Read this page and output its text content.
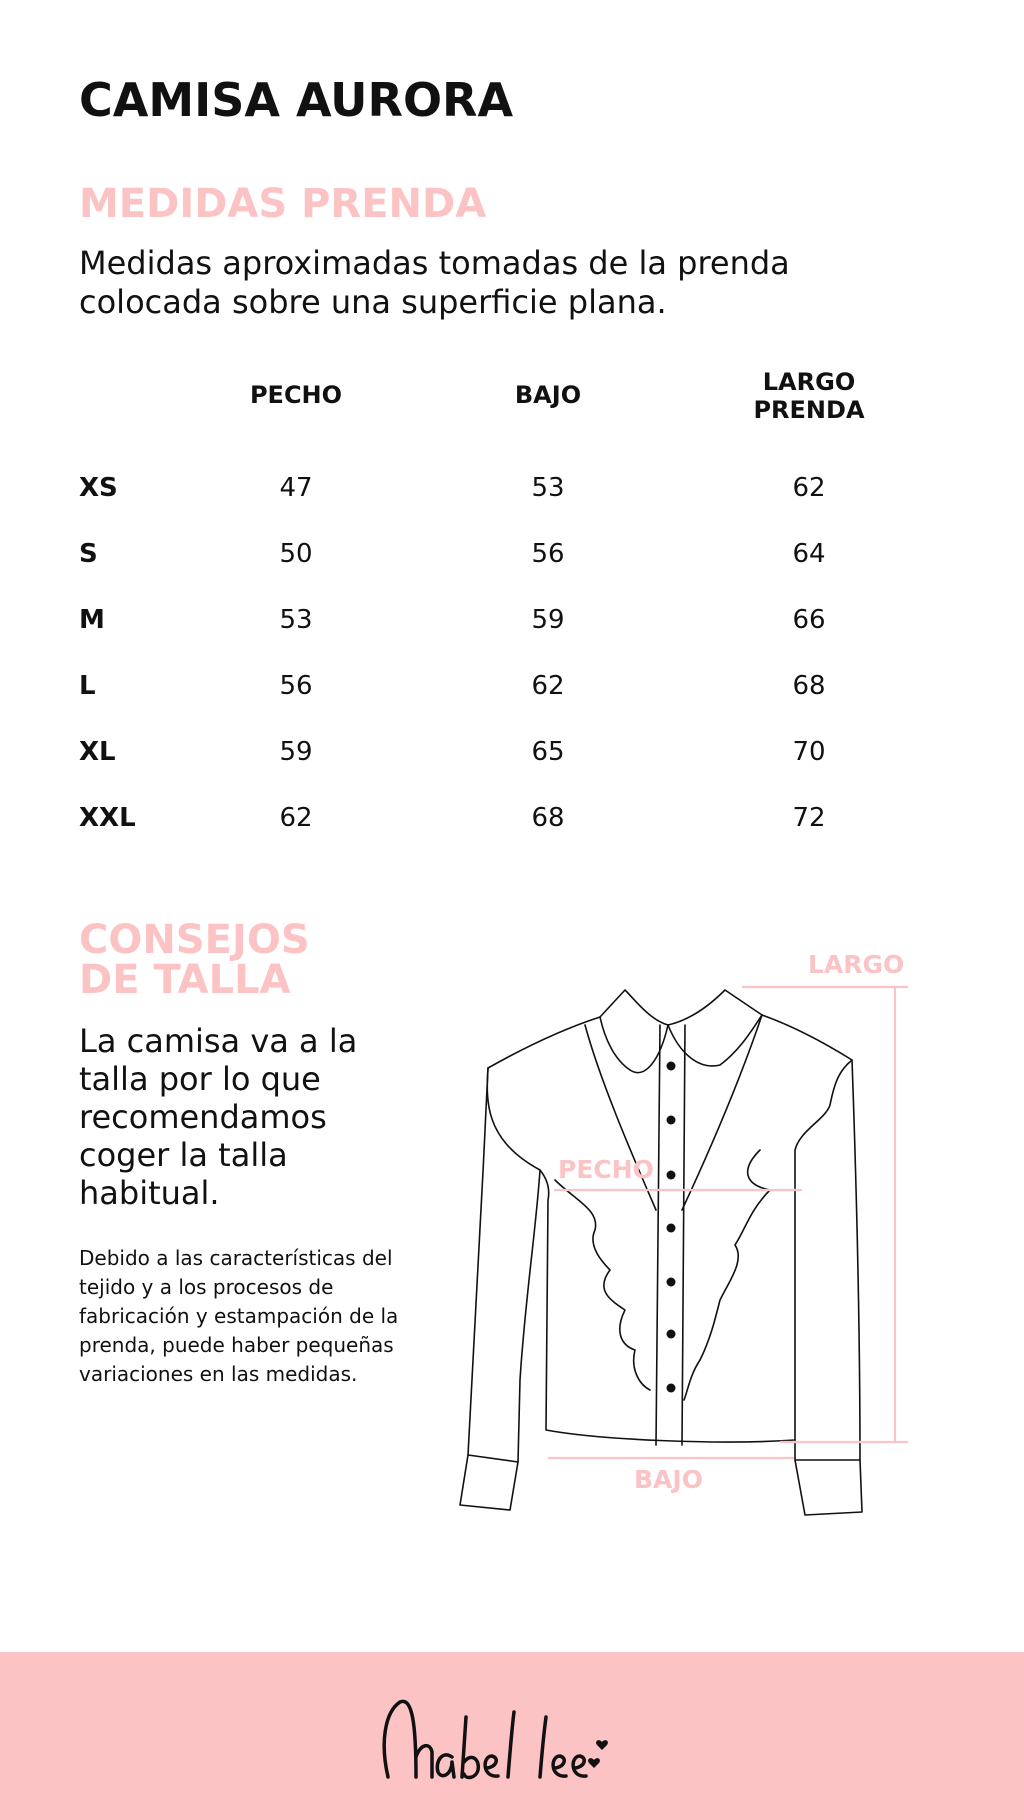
CAMISA AURORA
MEDIDAS PRENDA

Medidas aproximadas tomadas de la prenda
colocada sobre una superficie plana.

PECHO	BAJO	LARGO
PRENDA
XS	47	53	62
S	50	56	64
M	53	59	66
L	56	62	68
XL	59	65	70
XXL	62	68	72
CONSEJOS
DE TALLA

La camisa va a la
talla por lo que
recomendamos
coger la talla
habitual.

Debido a las características del
tejido y a los procesos de
fabricación y estampación de la
prenda, puede haber pequeñas
variaciones en las medidas.

LARGO
PECHO
BAJO
